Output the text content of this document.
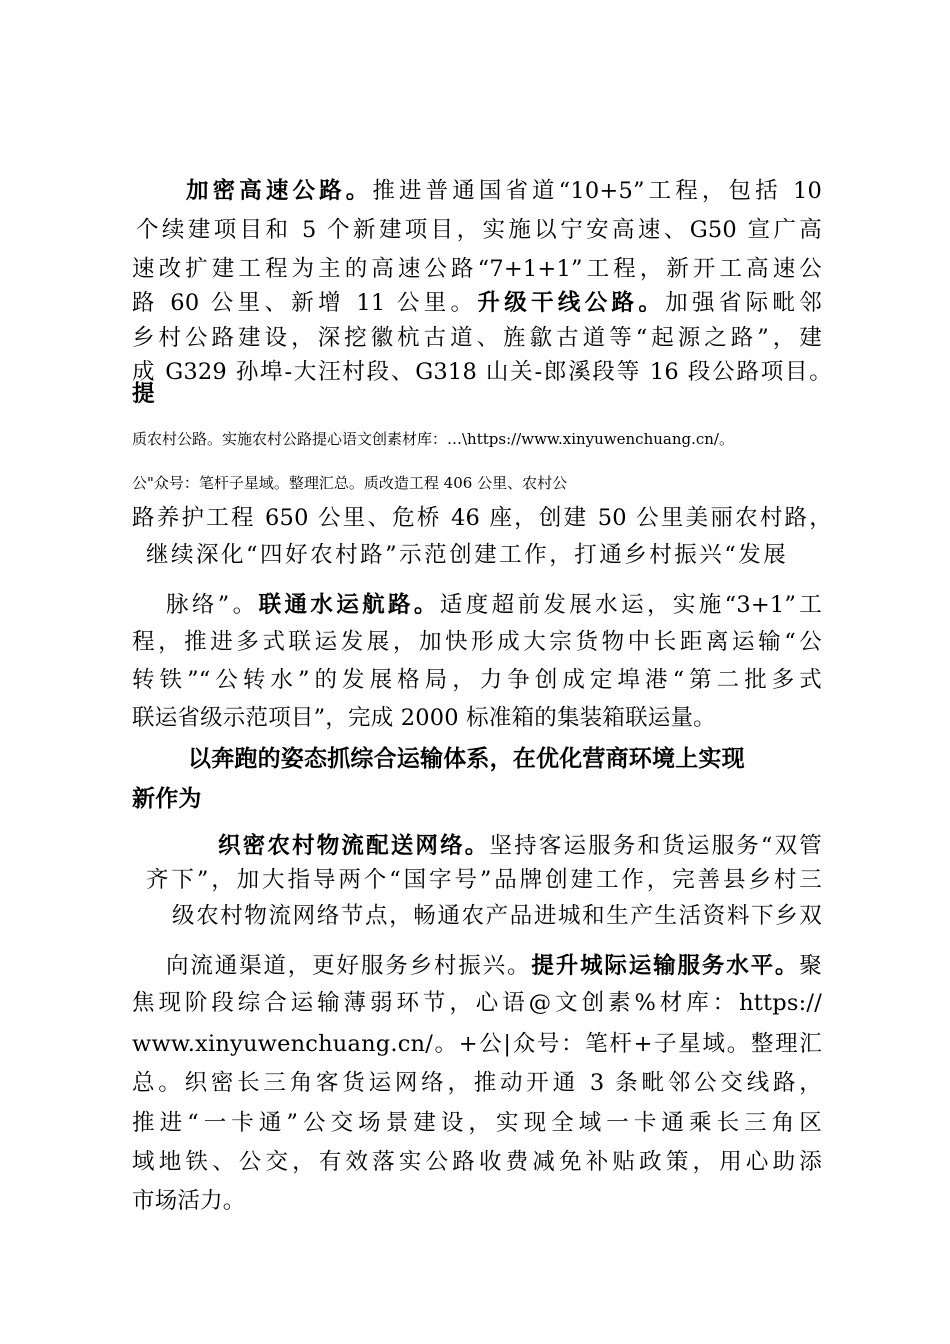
加密高速公路。推进普通国省道“10+5”工程，包括 10
个续建项目和 5 个新建项目，实施以宁安高速、G50 宣广高
速改扩建工程为主的高速公路“7+1+1”工程，新开工高速公
路 60 公里、新增 11 公里。升级干线公路。加强省际毗邻
乡村公路建设，深挖徽杭古道、旌歙古道等“起源之路”，建
成 G329 孙埠-大汪村段、G318 山关-郎溪段等 16 段公路项目。
提
质农村公路。实施农村公路提心语文创素材库：…\https://www.xinyuwenchuang.cn/。
公"众号：笔杆子星域。整理汇总。质改造工程 406 公里、农村公
路养护工程 650 公里、危桥 46 座，创建 50 公里美丽农村路，
继续深化“四好农村路”示范创建工作，打通乡村振兴“发展
脉络”。联通水运航路。适度超前发展水运，实施“3+1”工
程，推进多式联运发展，加快形成大宗货物中长距离运输“公
转铁”“公转水”的发展格局，力争创成定埠港“第二批多式
联运省级示范项目”，完成 2000 标准箱的集装箱联运量。
以奔跑的姿态抓综合运输体系，在优化营商环境上实现
新作为
织密农村物流配送网络。坚持客运服务和货运服务“双管
齐下”，加大指导两个“国字号”品牌创建工作，完善县乡村三
级农村物流网络节点，畅通农产品进城和生产生活资料下乡双
向流通渠道，更好服务乡村振兴。提升城际运输服务水平。聚
焦现阶段综合运输薄弱环节，心语@文创素%材库：https://
www.xinyuwenchuang.cn/。+公|众号：笔杆+子星域。整理汇
总。织密长三角客货运网络，推动开通 3 条毗邻公交线路，
推进“一卡通”公交场景建设，实现全域一卡通乘长三角区
域地铁、公交，有效落实公路收费减免补贴政策，用心助添
市场活力。
